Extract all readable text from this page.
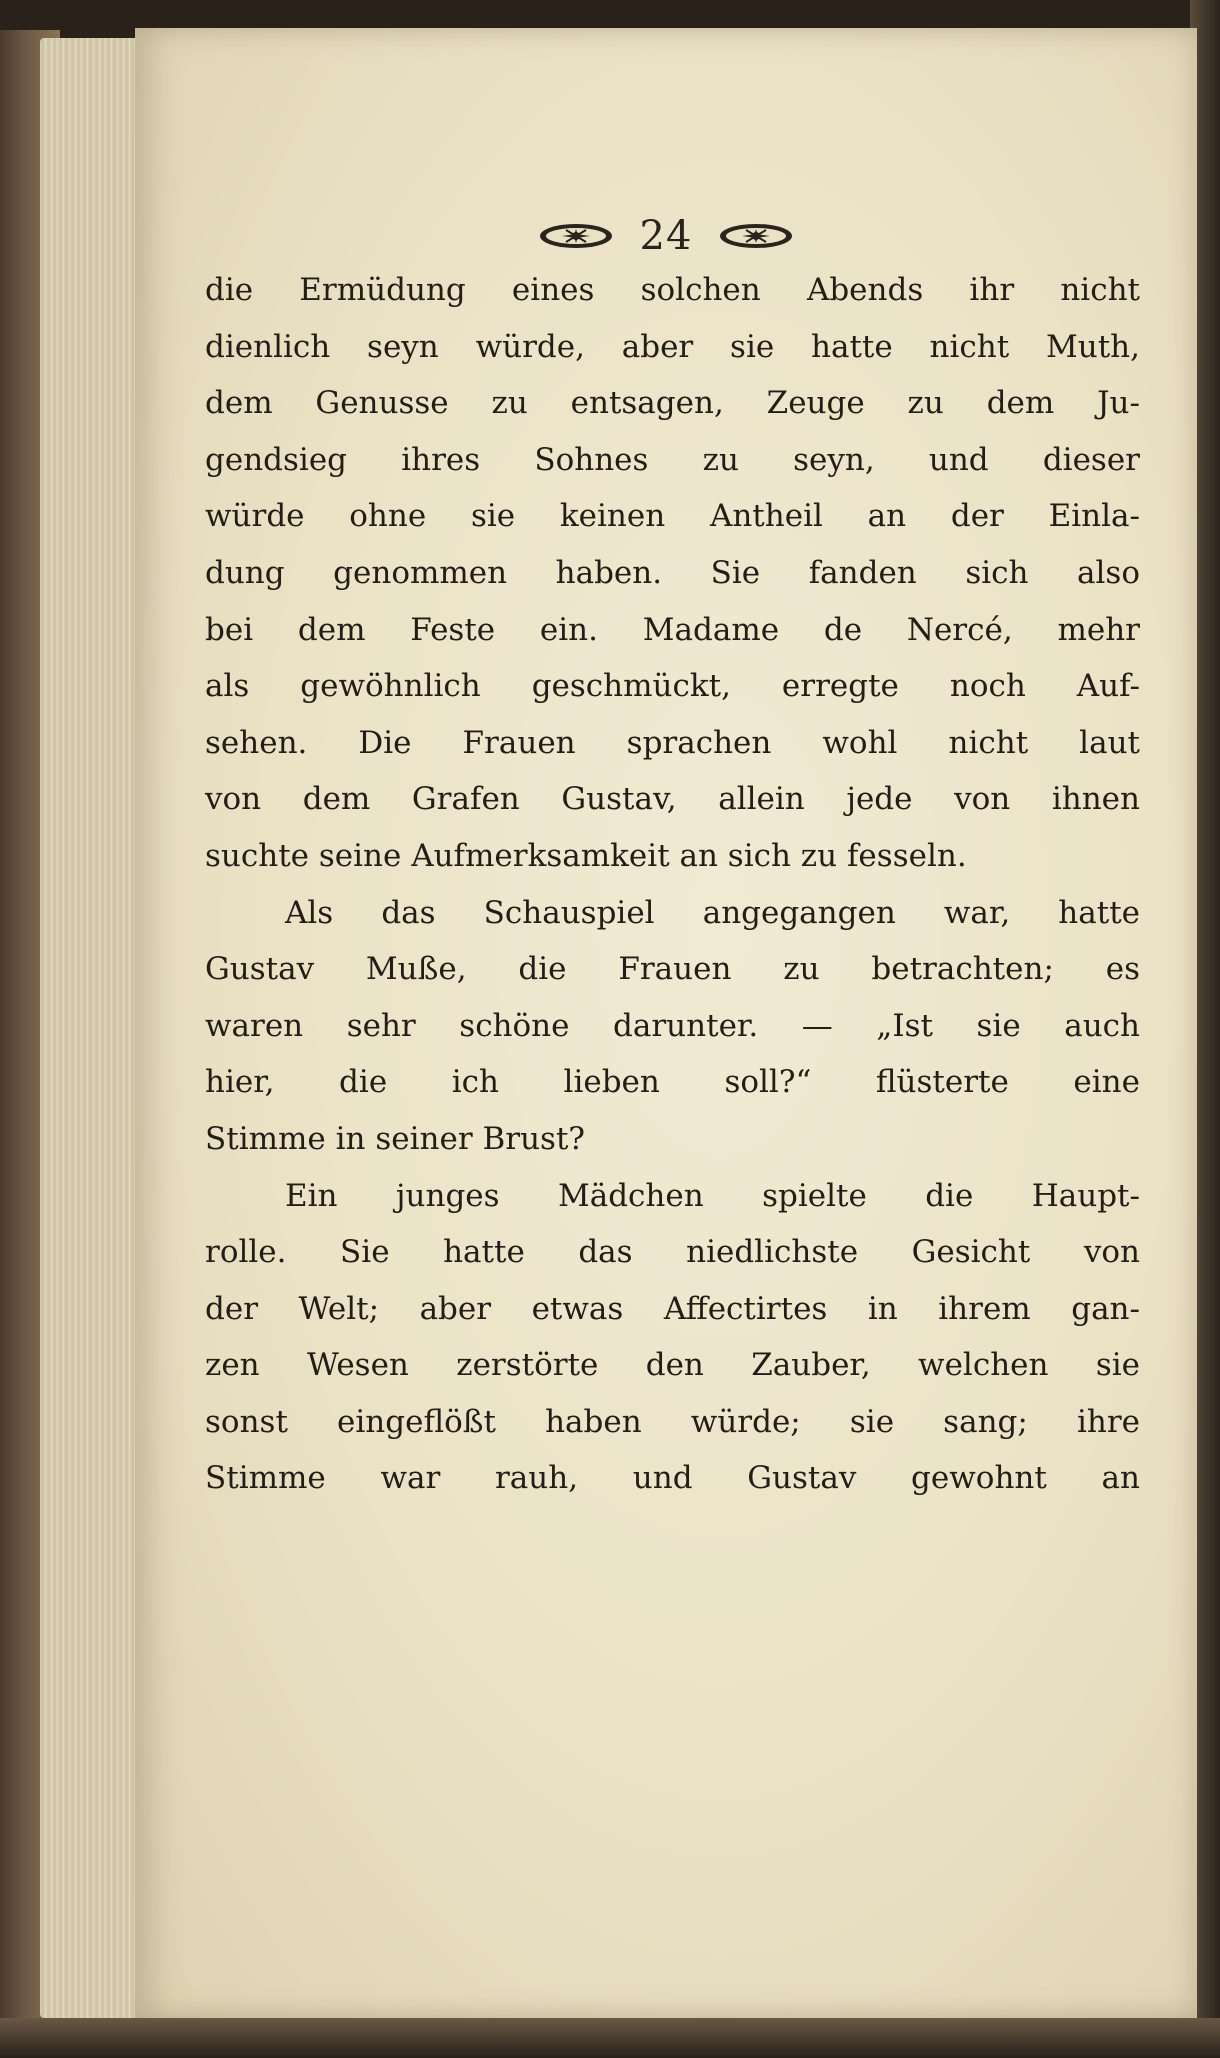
24
die Ermüdung eines solchen Abends ihr nicht
dienlich seyn würde, aber sie hatte nicht Muth,
dem Genusse zu entsagen, Zeuge zu dem Ju-
gendsieg ihres Sohnes zu seyn, und dieser
würde ohne sie keinen Antheil an der Einla-
dung genommen haben. Sie fanden sich also
bei dem Feste ein. Madame de Nercé, mehr
als gewöhnlich geschmückt, erregte noch Auf-
sehen. Die Frauen sprachen wohl nicht laut
von dem Grafen Gustav, allein jede von ihnen
suchte seine Aufmerksamkeit an sich zu fesseln.
Als das Schauspiel angegangen war, hatte
Gustav Muße, die Frauen zu betrachten; es
waren sehr schöne darunter. — „Ist sie auch
hier, die ich lieben soll?“ flüsterte eine
Stimme in seiner Brust?
Ein junges Mädchen spielte die Haupt-
rolle. Sie hatte das niedlichste Gesicht von
der Welt; aber etwas Affectirtes in ihrem gan-
zen Wesen zerstörte den Zauber, welchen sie
sonst eingeflößt haben würde; sie sang; ihre
Stimme war rauh, und Gustav gewohnt an
